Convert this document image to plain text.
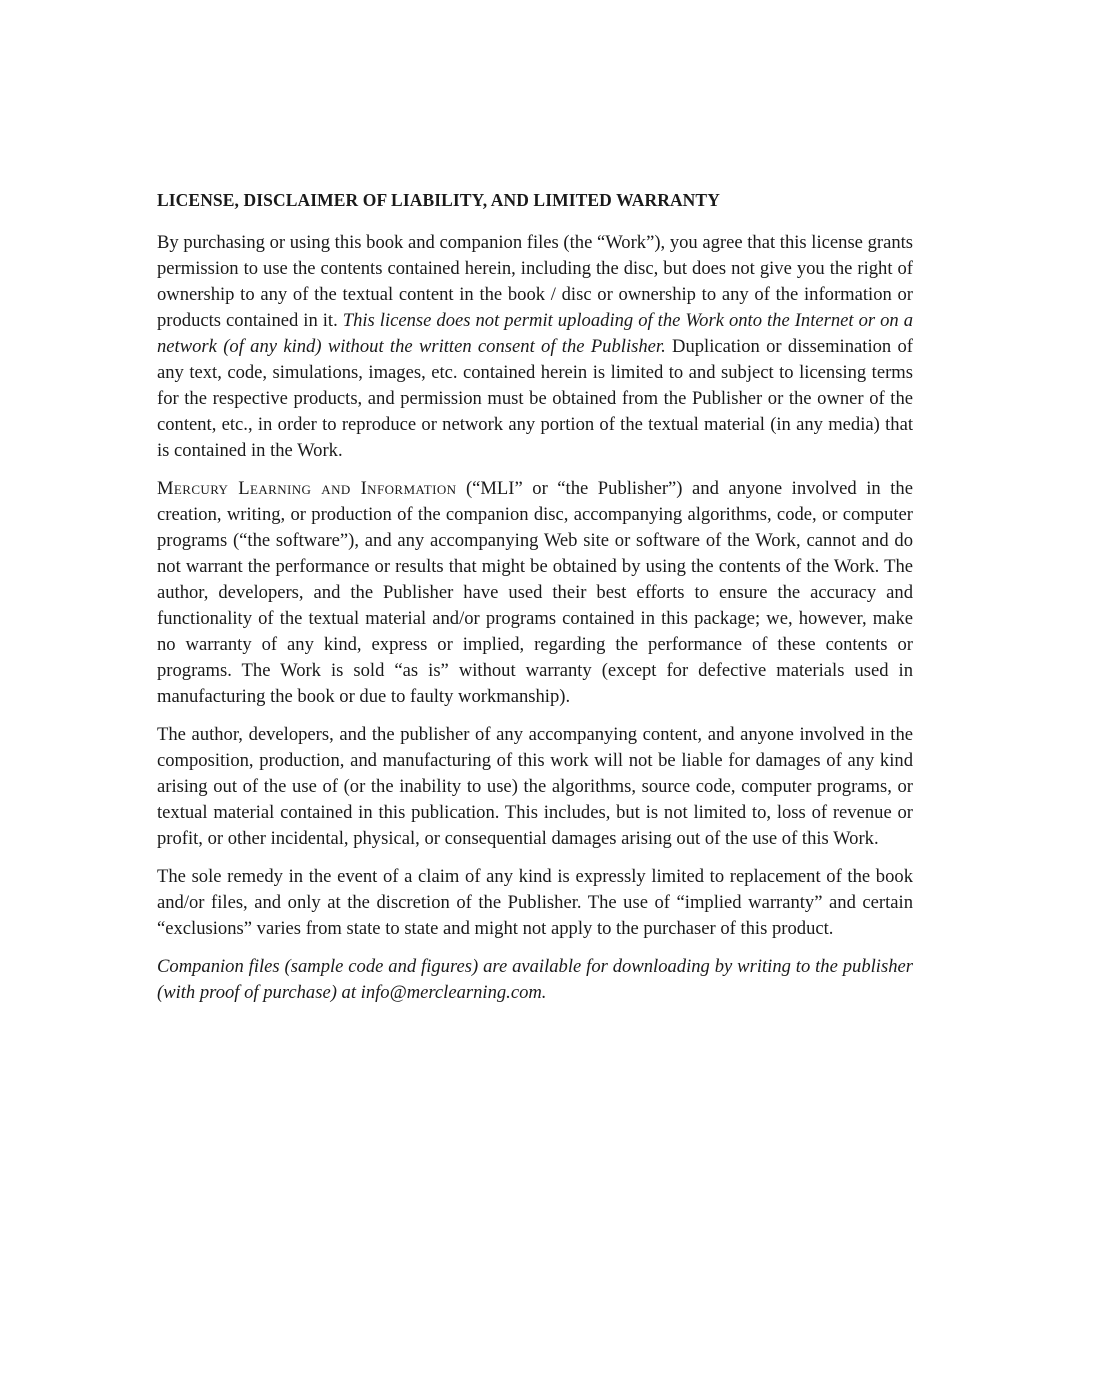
LICENSE, DISCLAIMER OF LIABILITY, AND LIMITED WARRANTY

By purchasing or using this book and companion files (the “Work”), you agree that this license grants permission to use the contents contained herein, including the disc, but does not give you the right of ownership to any of the textual content in the book / disc or ownership to any of the information or products contained in it. This license does not permit uploading of the Work onto the Internet or on a network (of any kind) without the written consent of the Publisher. Duplication or dissemination of any text, code, simulations, images, etc. contained herein is limited to and subject to licensing terms for the respective products, and permission must be obtained from the Publisher or the owner of the content, etc., in order to reproduce or network any portion of the textual material (in any media) that is contained in the Work.

Mercury Learning and Information (“MLI” or “the Publisher”) and anyone involved in the creation, writing, or production of the companion disc, accompanying algorithms, code, or computer programs (“the software”), and any accompanying Web site or software of the Work, cannot and do not warrant the performance or results that might be obtained by using the contents of the Work. The author, developers, and the Publisher have used their best efforts to ensure the accuracy and functionality of the textual material and/or programs contained in this package; we, however, make no warranty of any kind, express or implied, regarding the performance of these contents or programs. The Work is sold “as is” without warranty (except for defective materials used in manufacturing the book or due to faulty workmanship).

The author, developers, and the publisher of any accompanying content, and anyone involved in the composition, production, and manufacturing of this work will not be liable for damages of any kind arising out of the use of (or the inability to use) the algorithms, source code, computer programs, or textual material contained in this publication. This includes, but is not limited to, loss of revenue or profit, or other incidental, physical, or consequential damages arising out of the use of this Work.

The sole remedy in the event of a claim of any kind is expressly limited to replacement of the book and/or files, and only at the discretion of the Publisher. The use of “implied warranty” and certain “exclusions” varies from state to state and might not apply to the purchaser of this product.

Companion files (sample code and figures) are available for downloading by writing to the publisher (with proof of purchase) at info@merclearning.com.
